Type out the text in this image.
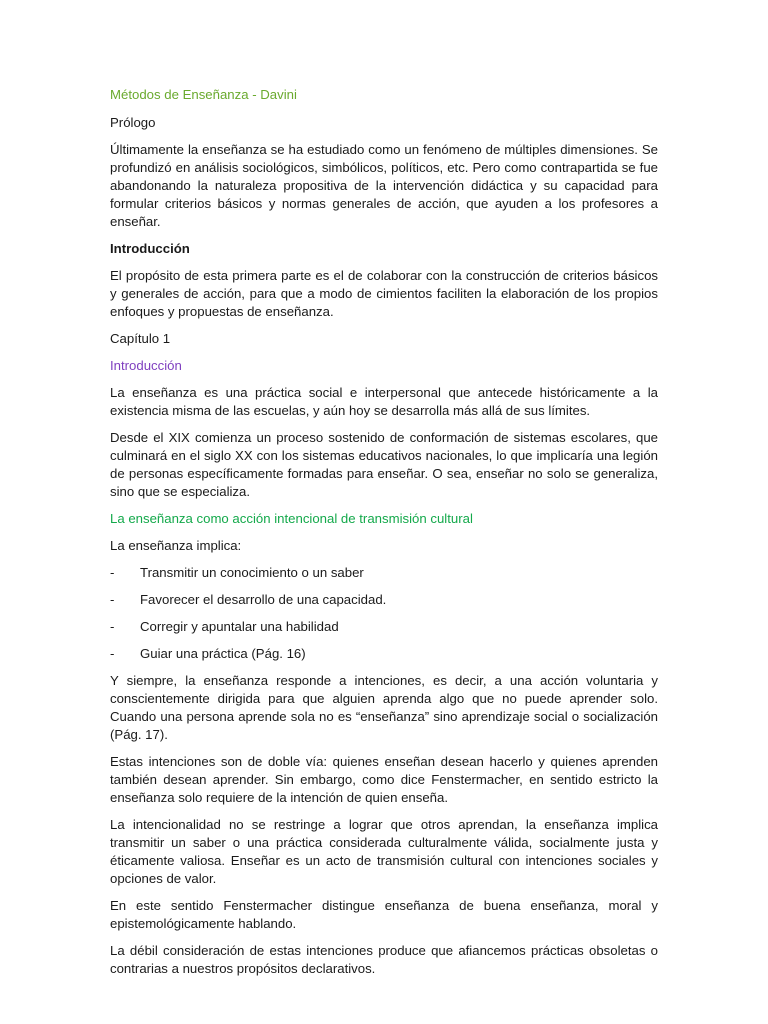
Métodos de Enseñanza - Davini

Prólogo

Últimamente la enseñanza se ha estudiado como un fenómeno de múltiples dimensiones. Se profundizó en análisis sociológicos, simbólicos, políticos, etc. Pero como contrapartida se fue abandonando la naturaleza propositiva de la intervención didáctica y su capacidad para formular criterios básicos y normas generales de acción, que ayuden a los profesores a enseñar.

Introducción

El propósito de esta primera parte es el de colaborar con la construcción de criterios básicos y generales de acción, para que a modo de cimientos faciliten la elaboración de los propios enfoques y propuestas de enseñanza.

Capítulo 1

Introducción

La enseñanza es una práctica social e interpersonal que antecede históricamente a la existencia misma de las escuelas, y aún hoy se desarrolla más allá de sus límites.

Desde el XIX comienza un proceso sostenido de conformación de sistemas escolares, que culminará en el siglo XX con los sistemas educativos nacionales, lo que implicaría una legión de personas específicamente formadas para enseñar. O sea, enseñar no solo se generaliza, sino que se especializa.

La enseñanza como acción intencional de transmisión cultural

La enseñanza implica:

-	Transmitir un conocimiento o un saber
-	Favorecer el desarrollo de una capacidad.
-	Corregir y apuntalar una habilidad
-	Guiar una práctica (Pág. 16)

Y siempre, la enseñanza responde a intenciones, es decir, a una acción voluntaria y conscientemente dirigida para que alguien aprenda algo que no puede aprender solo. Cuando una persona aprende sola no es “enseñanza” sino aprendizaje social o socialización (Pág. 17).

Estas intenciones son de doble vía: quienes enseñan desean hacerlo y quienes aprenden también desean aprender. Sin embargo, como dice Fenstermacher, en sentido estricto la enseñanza solo requiere de la intención de quien enseña.

La intencionalidad no se restringe a lograr que otros aprendan, la enseñanza implica transmitir un saber o una práctica considerada culturalmente válida, socialmente justa y éticamente valiosa. Enseñar es un acto de transmisión cultural con intenciones sociales y opciones de valor.

En este sentido Fenstermacher distingue enseñanza de buena enseñanza, moral y epistemológicamente hablando.

La débil consideración de estas intenciones produce que afiancemos prácticas obsoletas o contrarias a nuestros propósitos declarativos.
